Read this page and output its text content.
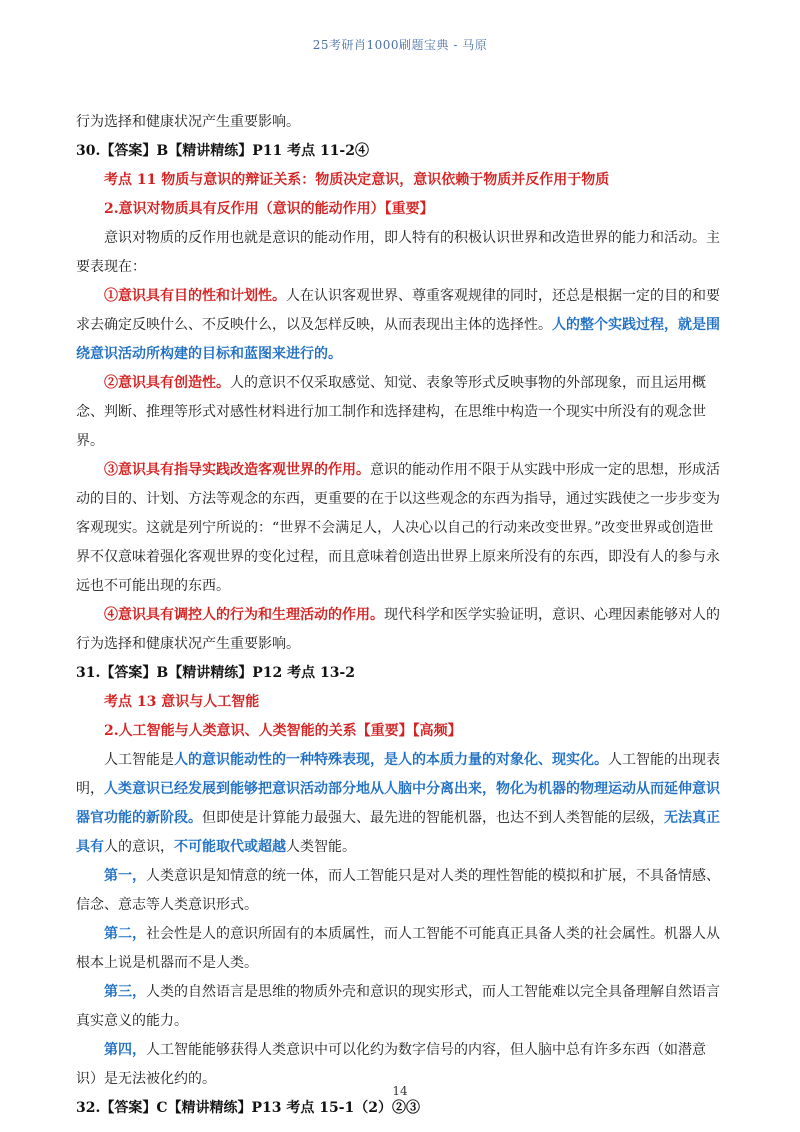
25考研肖1000刷题宝典 - 马原

行为选择和健康状况产生重要影响。

30.【答案】B【精讲精练】P11 考点 11-2④

考点 11 物质与意识的辩证关系：物质决定意识，意识依赖于物质并反作用于物质

2.意识对物质具有反作用（意识的能动作用）【重要】

意识对物质的反作用也就是意识的能动作用，即人特有的积极认识世界和改造世界的能力和活动。主要表现在：

①意识具有目的性和计划性。人在认识客观世界、尊重客观规律的同时，还总是根据一定的目的和要求去确定反映什么、不反映什么，以及怎样反映，从而表现出主体的选择性。人的整个实践过程，就是围绕意识活动所构建的目标和蓝图来进行的。

②意识具有创造性。人的意识不仅采取感觉、知觉、表象等形式反映事物的外部现象，而且运用概念、判断、推理等形式对感性材料进行加工制作和选择建构，在思维中构造一个现实中所没有的观念世界。

③意识具有指导实践改造客观世界的作用。意识的能动作用不限于从实践中形成一定的思想，形成活动的目的、计划、方法等观念的东西，更重要的在于以这些观念的东西为指导，通过实践使之一步步变为客观现实。这就是列宁所说的：“世界不会满足人，人决心以自己的行动来改变世界。”改变世界或创造世界不仅意味着强化客观世界的变化过程，而且意味着创造出世界上原来所没有的东西，即没有人的参与永远也不可能出现的东西。

④意识具有调控人的行为和生理活动的作用。现代科学和医学实验证明，意识、心理因素能够对人的行为选择和健康状况产生重要影响。

31.【答案】B【精讲精练】P12 考点 13-2

考点 13 意识与人工智能

2.人工智能与人类意识、人类智能的关系【重要】【高频】

人工智能是人的意识能动性的一种特殊表现，是人的本质力量的对象化、现实化。人工智能的出现表明，人类意识已经发展到能够把意识活动部分地从人脑中分离出来，物化为机器的物理运动从而延伸意识器官功能的新阶段。但即使是计算能力最强大、最先进的智能机器，也达不到人类智能的层级，无法真正具有人的意识，不可能取代或超越人类智能。

第一，人类意识是知情意的统一体，而人工智能只是对人类的理性智能的模拟和扩展，不具备情感、信念、意志等人类意识形式。

第二，社会性是人的意识所固有的本质属性，而人工智能不可能真正具备人类的社会属性。机器人从根本上说是机器而不是人类。

第三，人类的自然语言是思维的物质外壳和意识的现实形式，而人工智能难以完全具备理解自然语言真实意义的能力。

第四，人工智能能够获得人类意识中可以化约为数字信号的内容，但人脑中总有许多东西（如潜意识）是无法被化约的。

32.【答案】C【精讲精练】P13 考点 15-1（2）②③

14
